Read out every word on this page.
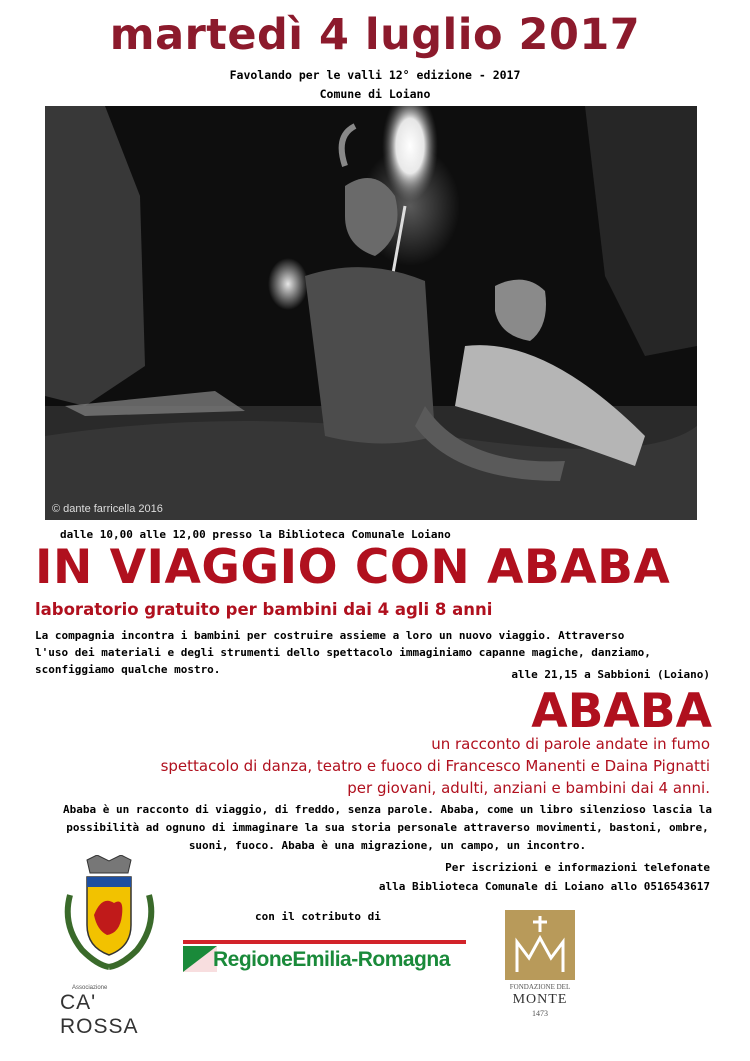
martedì 4 luglio 2017
Favolando per le valli 12° edizione - 2017
Comune di Loiano
© dante farricella 2016
dalle 10,00 alle 12,00 presso la Biblioteca Comunale Loiano
IN VIAGGIO CON ABABA
laboratorio gratuito per bambini dai 4 agli 8 anni
La compagnia incontra i bambini per costruire assieme a loro un nuovo viaggio. Attraverso
l'uso dei materiali e degli strumenti dello spettacolo immaginiamo capanne magiche, danziamo,
sconfiggiamo qualche mostro.	alle 21,15 a Sabbioni (Loiano)
ABABA
un racconto di parole andate in fumo
spettacolo di danza, teatro e fuoco di Francesco Manenti e Daina Pignatti
per giovani, adulti, anziani e bambini dai 4 anni.
Ababa è un racconto di viaggio, di freddo, senza parole. Ababa, come un libro silenzioso lascia la
possibilità ad ognuno di immaginare la sua storia personale attraverso movimenti, bastoni, ombre,
suoni, fuoco. Ababa è una migrazione, un campo, un incontro.
Per iscrizioni e informazioni telefonate
alla Biblioteca Comunale di Loiano allo 0516543617
con il cotributo di
Associazione
CA' ROSSA
RegioneEmilia-Romagna
FONDAZIONE DEL
MONTE
1473
